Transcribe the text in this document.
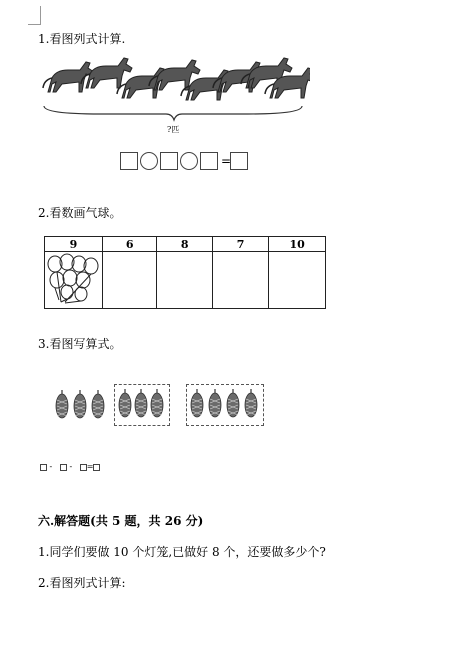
1.看图列式计算.
?匹
=
2.看数画气球。
9	6	8	7	10

3.看图写算式。
- - =
六.解答题(共 5 题，共 26 分)
1.同学们要做 10 个灯笼,已做好 8 个，还要做多少个?
2.看图列式计算:
